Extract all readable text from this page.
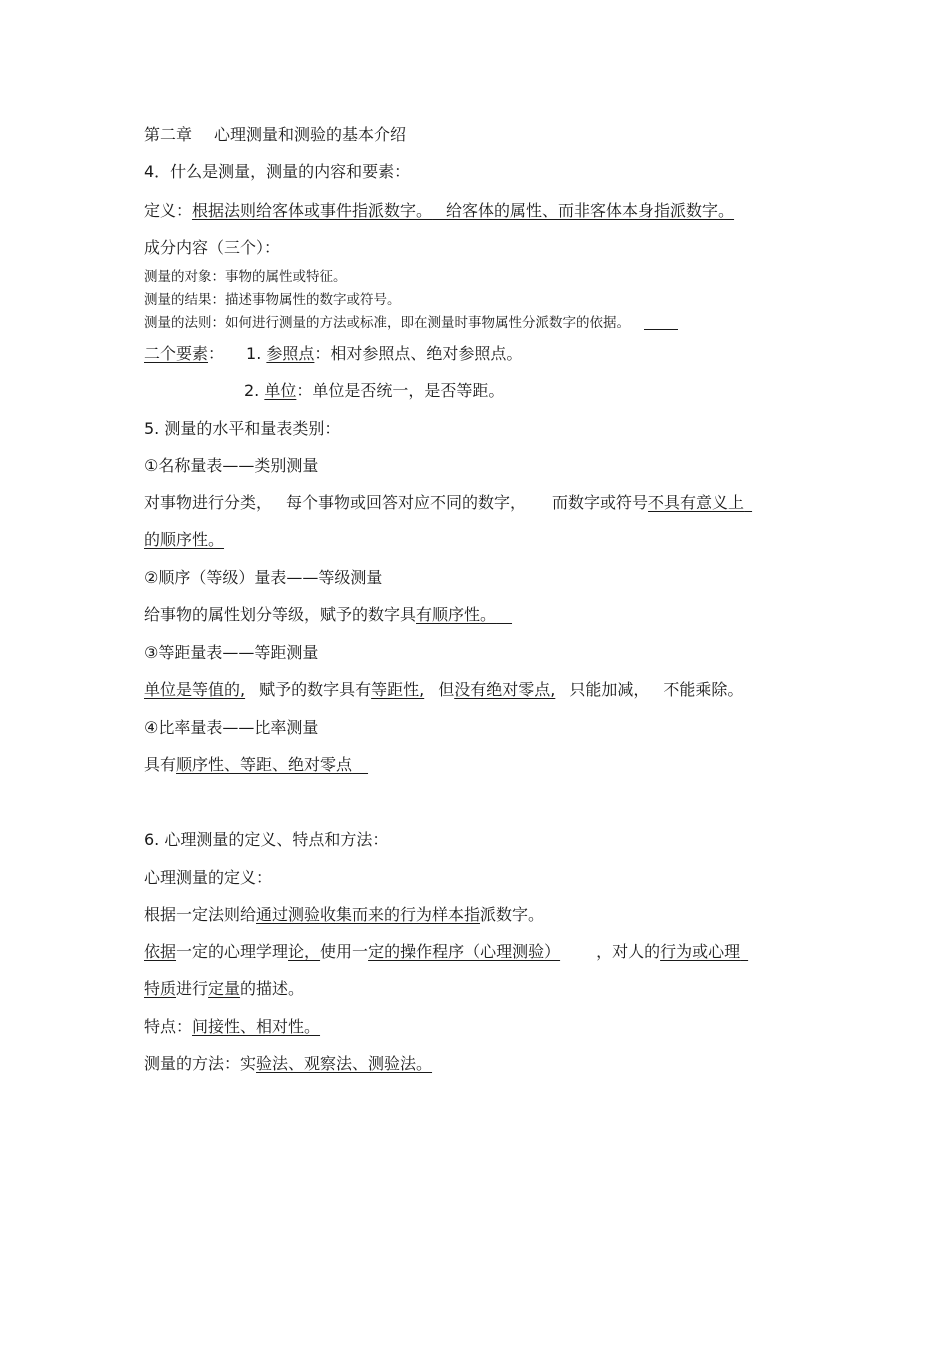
第二章 心理测量和测验的基本介绍
4．什么是测量，测量的内容和要素：
定义：根据法则给客体或事件指派数字。  给客体的属性、而非客体本身指派数字。
成分内容（三个）：
测量的对象：事物的属性或特征。
测量的结果：描述事物属性的数字或符号。
测量的法则：如何进行测量的方法或标准，即在测量时事物属性分派数字的依据。
二个要素： 1. 参照点：相对参照点、绝对参照点。
2. 单位：单位是否统一，是否等距。
5. 测量的水平和量表类别：
①名称量表——类别测量
对事物进行分类， 每个事物或回答对应不同的数字， 而数字或符号不具有意义上 
的顺序性。
②顺序（等级）量表——等级测量
给事物的属性划分等级，赋予的数字具有顺序性。 
③等距量表——等距测量
单位是等值的, 赋予的数字具有等距性, 但没有绝对零点, 只能加减， 不能乘除。
④比率量表——比率测量
具有顺序性、等距、绝对零点 
6. 心理测量的定义、特点和方法：
心理测量的定义：
根据一定法则给通过测验收集而来的行为样本指派数字。
依据一定的心理学理论，使用一定的操作程序（心理测验） ，对人的行为或心理 
特质进行定量的描述。
特点：间接性、相对性。
测量的方法：实验法、观察法、测验法。
